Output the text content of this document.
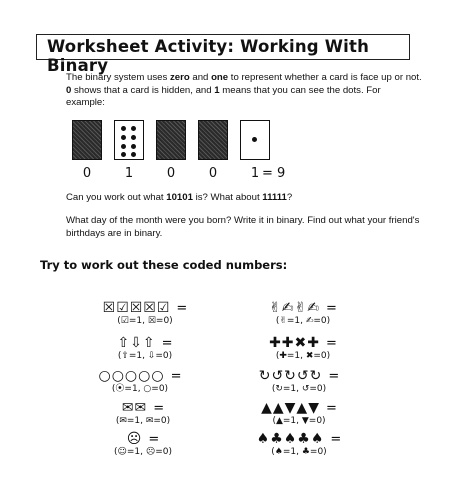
Worksheet Activity: Working With Binary
The binary system uses zero and one to represent whether a card is face up or not. 0 shows that a card is hidden, and 1 means that you can see the dots. For example:
0	1	0	0	1 = 9
Can you work out what 10101 is? What about 11111?
What day of the month were you born? Write it in binary. Find out what your friend's birthdays are in binary.
Try to work out these coded numbers:
☒☑☒☒☑ =
(☑=1, ☒=0)
⇧⇩⇧ =
(⇧=1, ⇩=0)
○○○○○ =
(⦿=1, ○=0)
✉✉ =
(✉=1, ✉=0)
☹ =
(☺=1, ☹=0)
✌✍✌✍ =
(✌=1, ✍=0)
✚✚✖✚ =
(✚=1, ✖=0)
↻↺↻↺↻ =
(↻=1, ↺=0)
▲▲▼▲▼ =
(▲=1, ▼=0)
♠♣♠♣♠ =
(♠=1, ♣=0)
